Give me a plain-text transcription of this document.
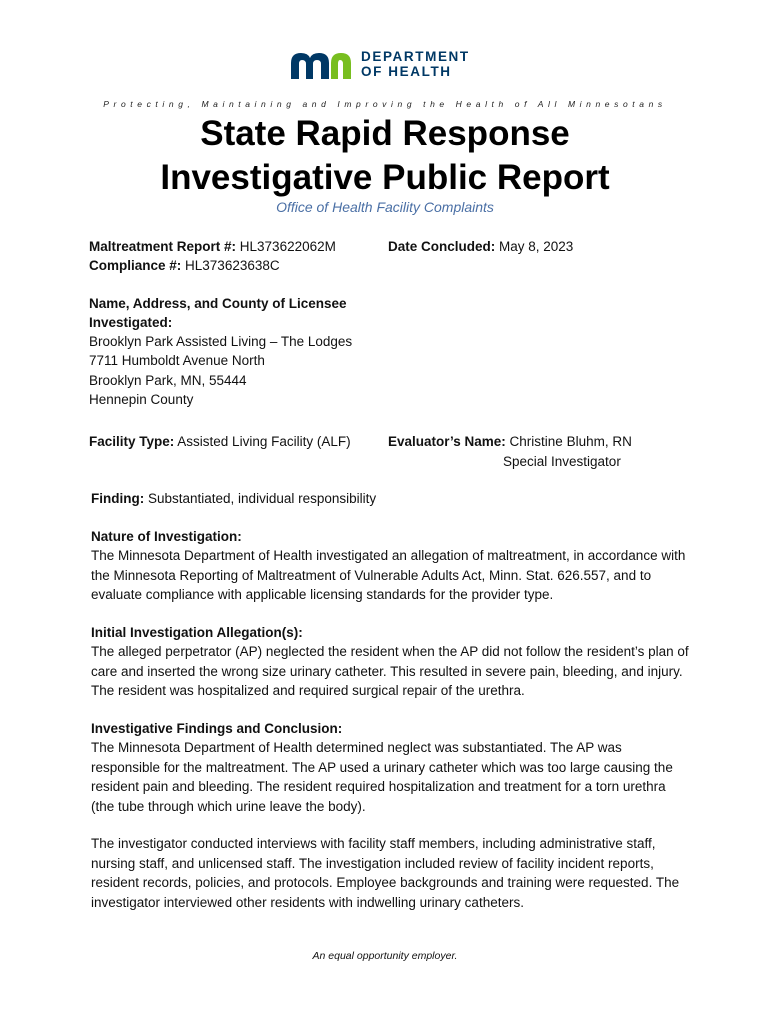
DEPARTMENT
OF HEALTH
Protecting, Maintaining and Improving the Health of All Minnesotans
State Rapid Response
Investigative Public Report
Office of Health Facility Complaints
Maltreatment Report #: HL373622062M
Compliance #: HL373623638C
Date Concluded: May 8, 2023
Name, Address, and County of Licensee
Investigated:
Brooklyn Park Assisted Living – The Lodges
7711 Humboldt Avenue North
Brooklyn Park, MN, 55444
Hennepin County
Facility Type: Assisted Living Facility (ALF)	Evaluator’s Name: Christine Bluhm, RN
Special Investigator
Finding: Substantiated, individual responsibility
Nature of Investigation:
The Minnesota Department of Health investigated an allegation of maltreatment, in accordance with the Minnesota Reporting of Maltreatment of Vulnerable Adults Act, Minn. Stat. 626.557, and to evaluate compliance with applicable licensing standards for the provider type.
Initial Investigation Allegation(s):
The alleged perpetrator (AP) neglected the resident when the AP did not follow the resident’s plan of care and inserted the wrong size urinary catheter. This resulted in severe pain, bleeding, and injury. The resident was hospitalized and required surgical repair of the urethra.
Investigative Findings and Conclusion:
The Minnesota Department of Health determined neglect was substantiated. The AP was responsible for the maltreatment. The AP used a urinary catheter which was too large causing the resident pain and bleeding. The resident required hospitalization and treatment for a torn urethra (the tube through which urine leave the body).
The investigator conducted interviews with facility staff members, including administrative staff, nursing staff, and unlicensed staff. The investigation included review of facility incident reports, resident records, policies, and protocols. Employee backgrounds and training were requested. The investigator interviewed other residents with indwelling urinary catheters.
An equal opportunity employer.
